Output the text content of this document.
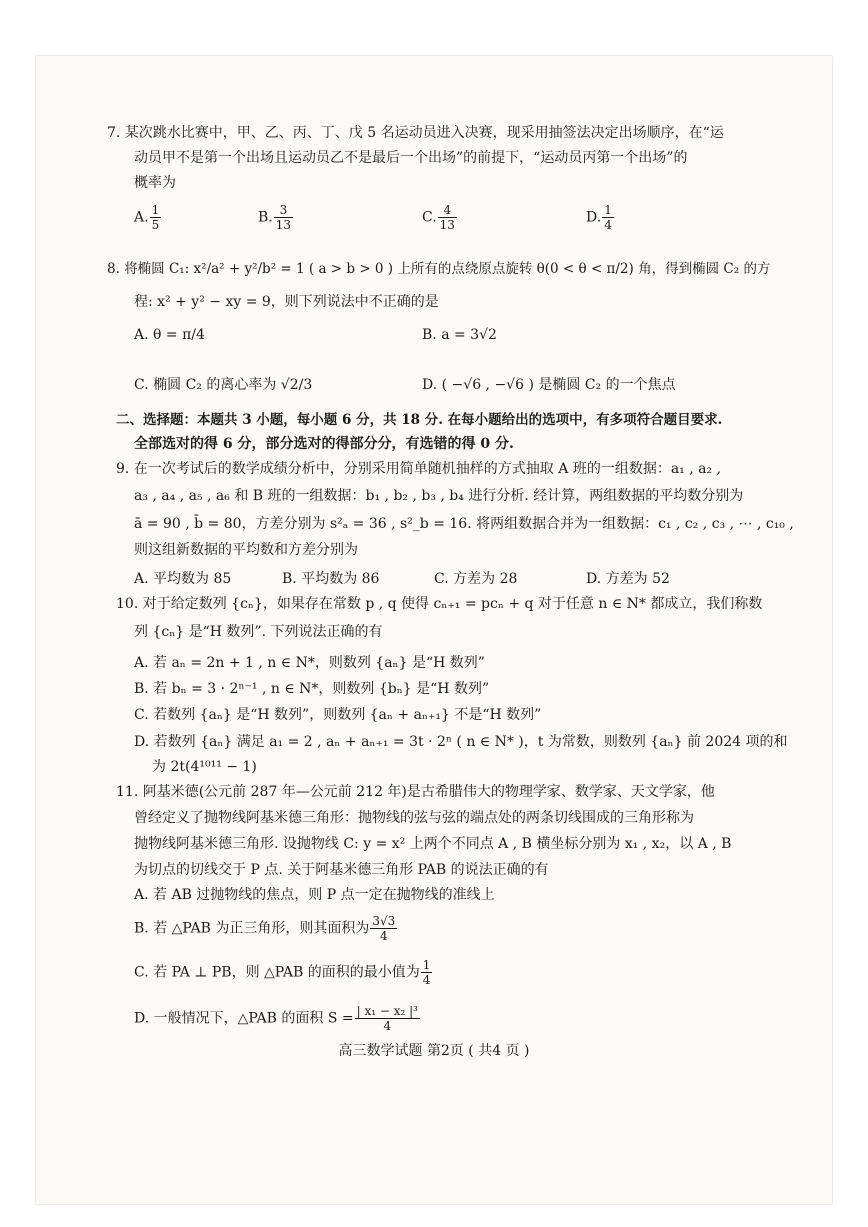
7. 某次跳水比赛中，甲、乙、丙、丁、戊 5 名运动员进入决赛，现采用抽签法决定出场顺序，在“运
动员甲不是第一个出场且运动员乙不是最后一个出场”的前提下，“运动员丙第一个出场”的
概率为
A. $\frac{1}{5}$	B. $\frac{3}{13}$	C. $\frac{4}{13}$	D. $\frac{1}{4}$
8. 将椭圆 C₁: x²/a² + y²/b² = 1 ( a > b > 0 ) 上所有的点绕原点旋转 θ(0 < θ < π/2) 角，得到椭圆 C₂ 的方
程: x² + y² − xy = 9，则下列说法中不正确的是
A. θ = π/4	B. a = 3√2
C. 椭圆 C₂ 的离心率为 √2/3	D. ( −√6 , −√6 ) 是椭圆 C₂ 的一个焦点
二、选择题：本题共 3 小题，每小题 6 分，共 18 分. 在每小题给出的选项中，有多项符合题目要求.
全部选对的得 6 分，部分选对的得部分分，有选错的得 0 分.
9. 在一次考试后的数学成绩分析中，分别采用简单随机抽样的方式抽取 A 班的一组数据：a₁ , a₂ ,
a₃ , a₄ , a₅ , a₆ 和 B 班的一组数据：b₁ , b₂ , b₃ , b₄ 进行分析. 经计算，两组数据的平均数分别为
ā = 90 , b̄ = 80，方差分别为 s²ₐ = 36 , s²_b = 16. 将两组数据合并为一组数据：c₁ , c₂ , c₃ , ⋯ , c₁₀ ,
则这组新数据的平均数和方差分别为
A. 平均数为 85	B. 平均数为 86	C. 方差为 28	D. 方差为 52
10. 对于给定数列 {cₙ}，如果存在常数 p , q 使得 cₙ₊₁ = pcₙ + q 对于任意 n ∈ N* 都成立，我们称数
列 {cₙ} 是“H 数列”. 下列说法正确的有
A. 若 aₙ = 2n + 1 , n ∈ N*，则数列 {aₙ} 是“H 数列”
B. 若 bₙ = 3 · 2ⁿ⁻¹ , n ∈ N*，则数列 {bₙ} 是“H 数列”
C. 若数列 {aₙ} 是“H 数列”，则数列 {aₙ + aₙ₊₁} 不是“H 数列”
D. 若数列 {aₙ} 满足 a₁ = 2 , aₙ + aₙ₊₁ = 3t · 2ⁿ ( n ∈ N* )，t 为常数，则数列 {aₙ} 前 2024 项的和
为 2t(4¹⁰¹¹ − 1)
11. 阿基米德(公元前 287 年—公元前 212 年)是古希腊伟大的物理学家、数学家、天文学家，他
曾经定义了抛物线阿基米德三角形：抛物线的弦与弦的端点处的两条切线围成的三角形称为
抛物线阿基米德三角形. 设抛物线 C: y = x² 上两个不同点 A , B 横坐标分别为 x₁ , x₂，以 A , B
为切点的切线交于 P 点. 关于阿基米德三角形 PAB 的说法正确的有
A. 若 AB 过抛物线的焦点，则 P 点一定在抛物线的准线上
B. 若 △PAB 为正三角形，则其面积为 $\frac{3√3}{4}$
C. 若 PA ⊥ PB，则 △PAB 的面积的最小值为 $\frac{1}{4}$
D. 一般情况下，△PAB 的面积 $S = \frac{\text{| x₁ − x₂ |³}}{4}$
高三数学试题 第2页 ( 共4 页 )
